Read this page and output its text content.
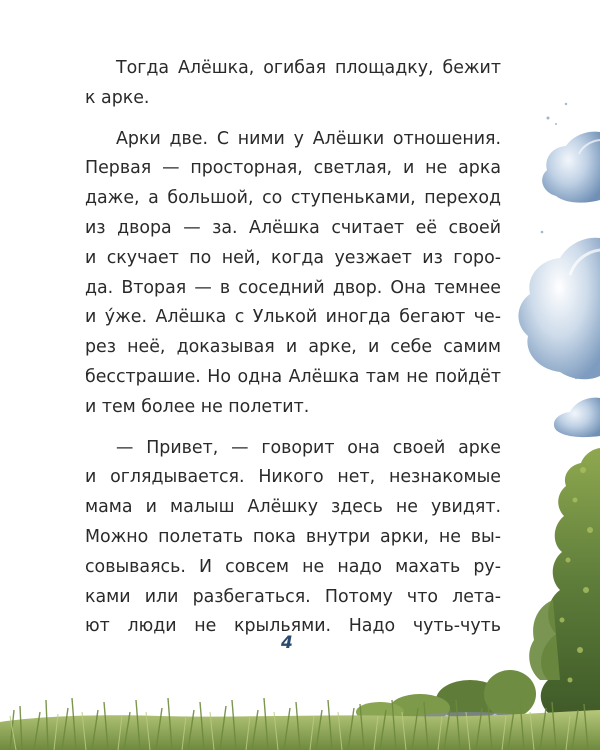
Тогда Алёшка, огибая площадку, бежит

к арке.

Арки две. С ними у Алёшки отношения.

Первая — просторная, светлая, и не арка

даже, а большой, со ступеньками, переход

из двора — за. Алёшка считает её своей

и скучает по ней, когда уезжает из горо-

да. Вторая — в соседний двор. Она темнее

и у́же. Алёшка с Улькой иногда бегают че-

рез неё, доказывая и арке, и себе самим

бесстрашие. Но одна Алёшка там не пойдёт

и тем более не полетит.

— Привет, — говорит она своей арке

и оглядывается. Никого нет, незнакомые

мама и малыш Алёшку здесь не увидят.

Можно полетать пока внутри арки, не вы-

совываясь. И совсем не надо махать ру-

ками или разбегаться. Потому что лета-

ют люди не крыльями. Надо чуть-чуть

4
